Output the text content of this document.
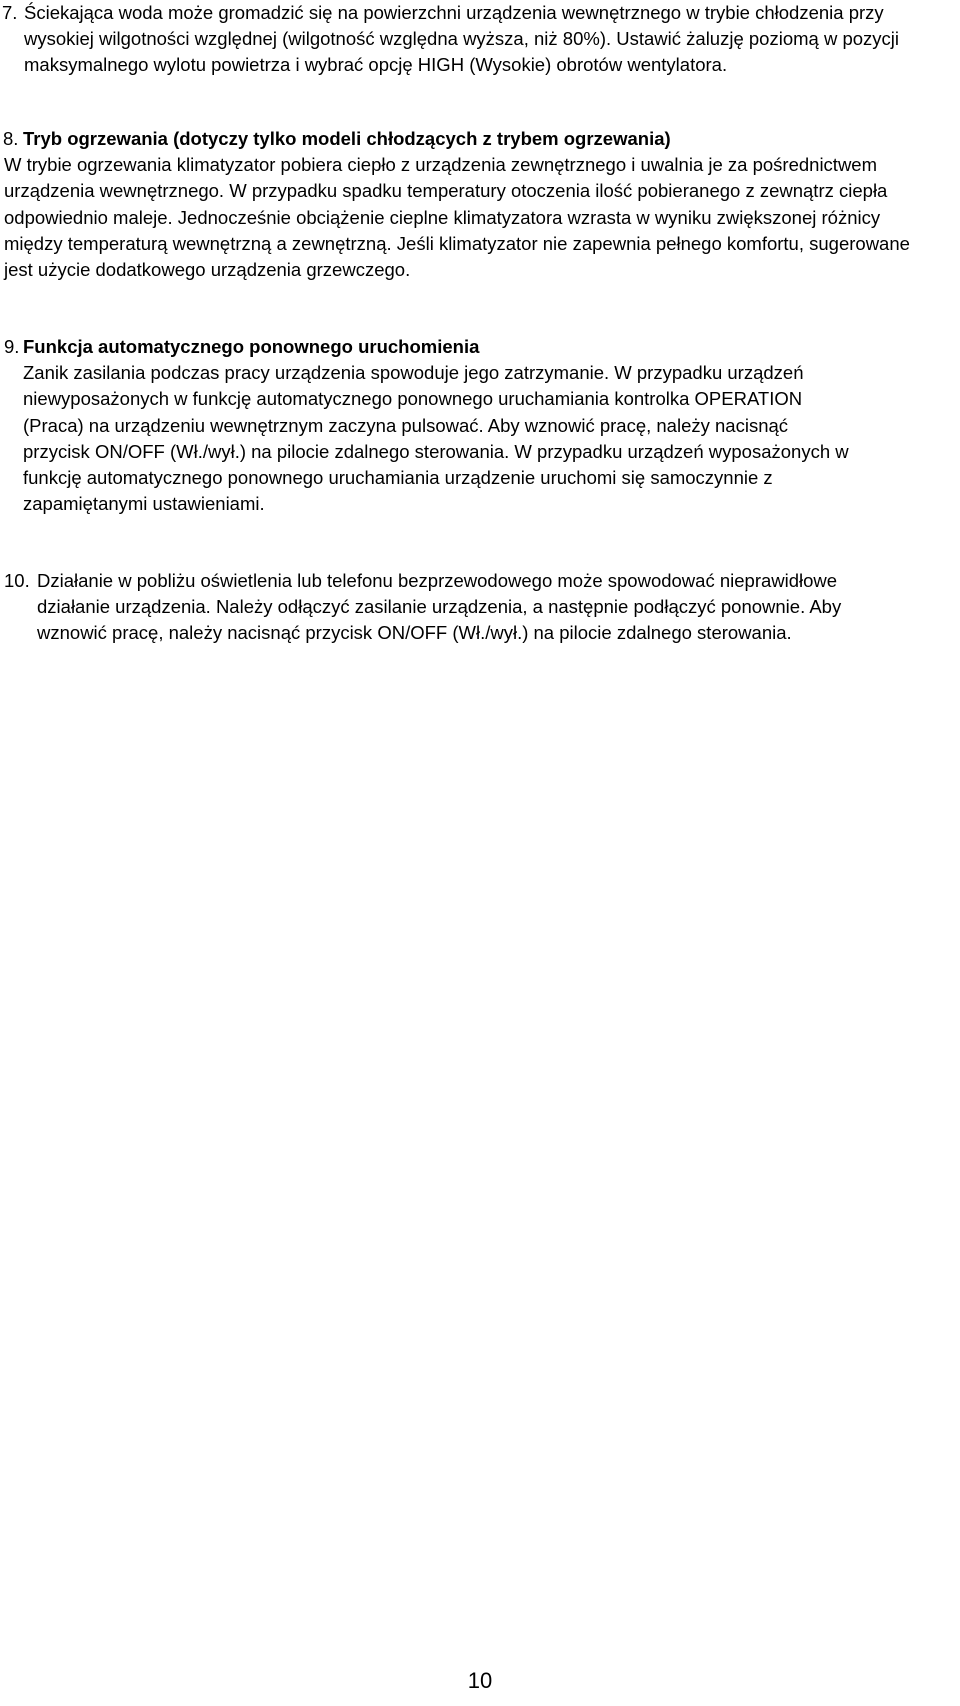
7. Ściekająca woda może gromadzić się na powierzchni urządzenia wewnętrznego w trybie chłodzenia przy wysokiej wilgotności względnej (wilgotność względna wyższa, niż 80%). Ustawić żaluzję poziomą w pozycji maksymalnego wylotu powietrza i wybrać opcję HIGH (Wysokie) obrotów wentylatora.

8. Tryb ogrzewania (dotyczy tylko modeli chłodzących z trybem ogrzewania)

W trybie ogrzewania klimatyzator pobiera ciepło z urządzenia zewnętrznego i uwalnia je za pośrednictwem urządzenia wewnętrznego. W przypadku spadku temperatury otoczenia ilość pobieranego z zewnątrz ciepła odpowiednio maleje. Jednocześnie obciążenie cieplne klimatyzatora wzrasta w wyniku zwiększonej różnicy między temperaturą wewnętrzną a zewnętrzną. Jeśli klimatyzator nie zapewnia pełnego komfortu, sugerowane jest użycie dodatkowego urządzenia grzewczego.

9. Funkcja automatycznego ponownego uruchomienia

Zanik zasilania podczas pracy urządzenia spowoduje jego zatrzymanie. W przypadku urządzeń niewyposażonych w funkcję automatycznego ponownego uruchamiania kontrolka OPERATION (Praca) na urządzeniu wewnętrznym zaczyna pulsować. Aby wznowić pracę, należy nacisnąć przycisk ON/OFF (Wł./wył.) na pilocie zdalnego sterowania. W przypadku urządzeń wyposażonych w funkcję automatycznego ponownego uruchamiania urządzenie uruchomi się samoczynnie z zapamiętanymi ustawieniami.

10. Działanie w pobliżu oświetlenia lub telefonu bezprzewodowego może spowodować nieprawidłowe działanie urządzenia. Należy odłączyć zasilanie urządzenia, a następnie podłączyć ponownie. Aby wznowić pracę, należy nacisnąć przycisk ON/OFF (Wł./wył.) na pilocie zdalnego sterowania.

10
